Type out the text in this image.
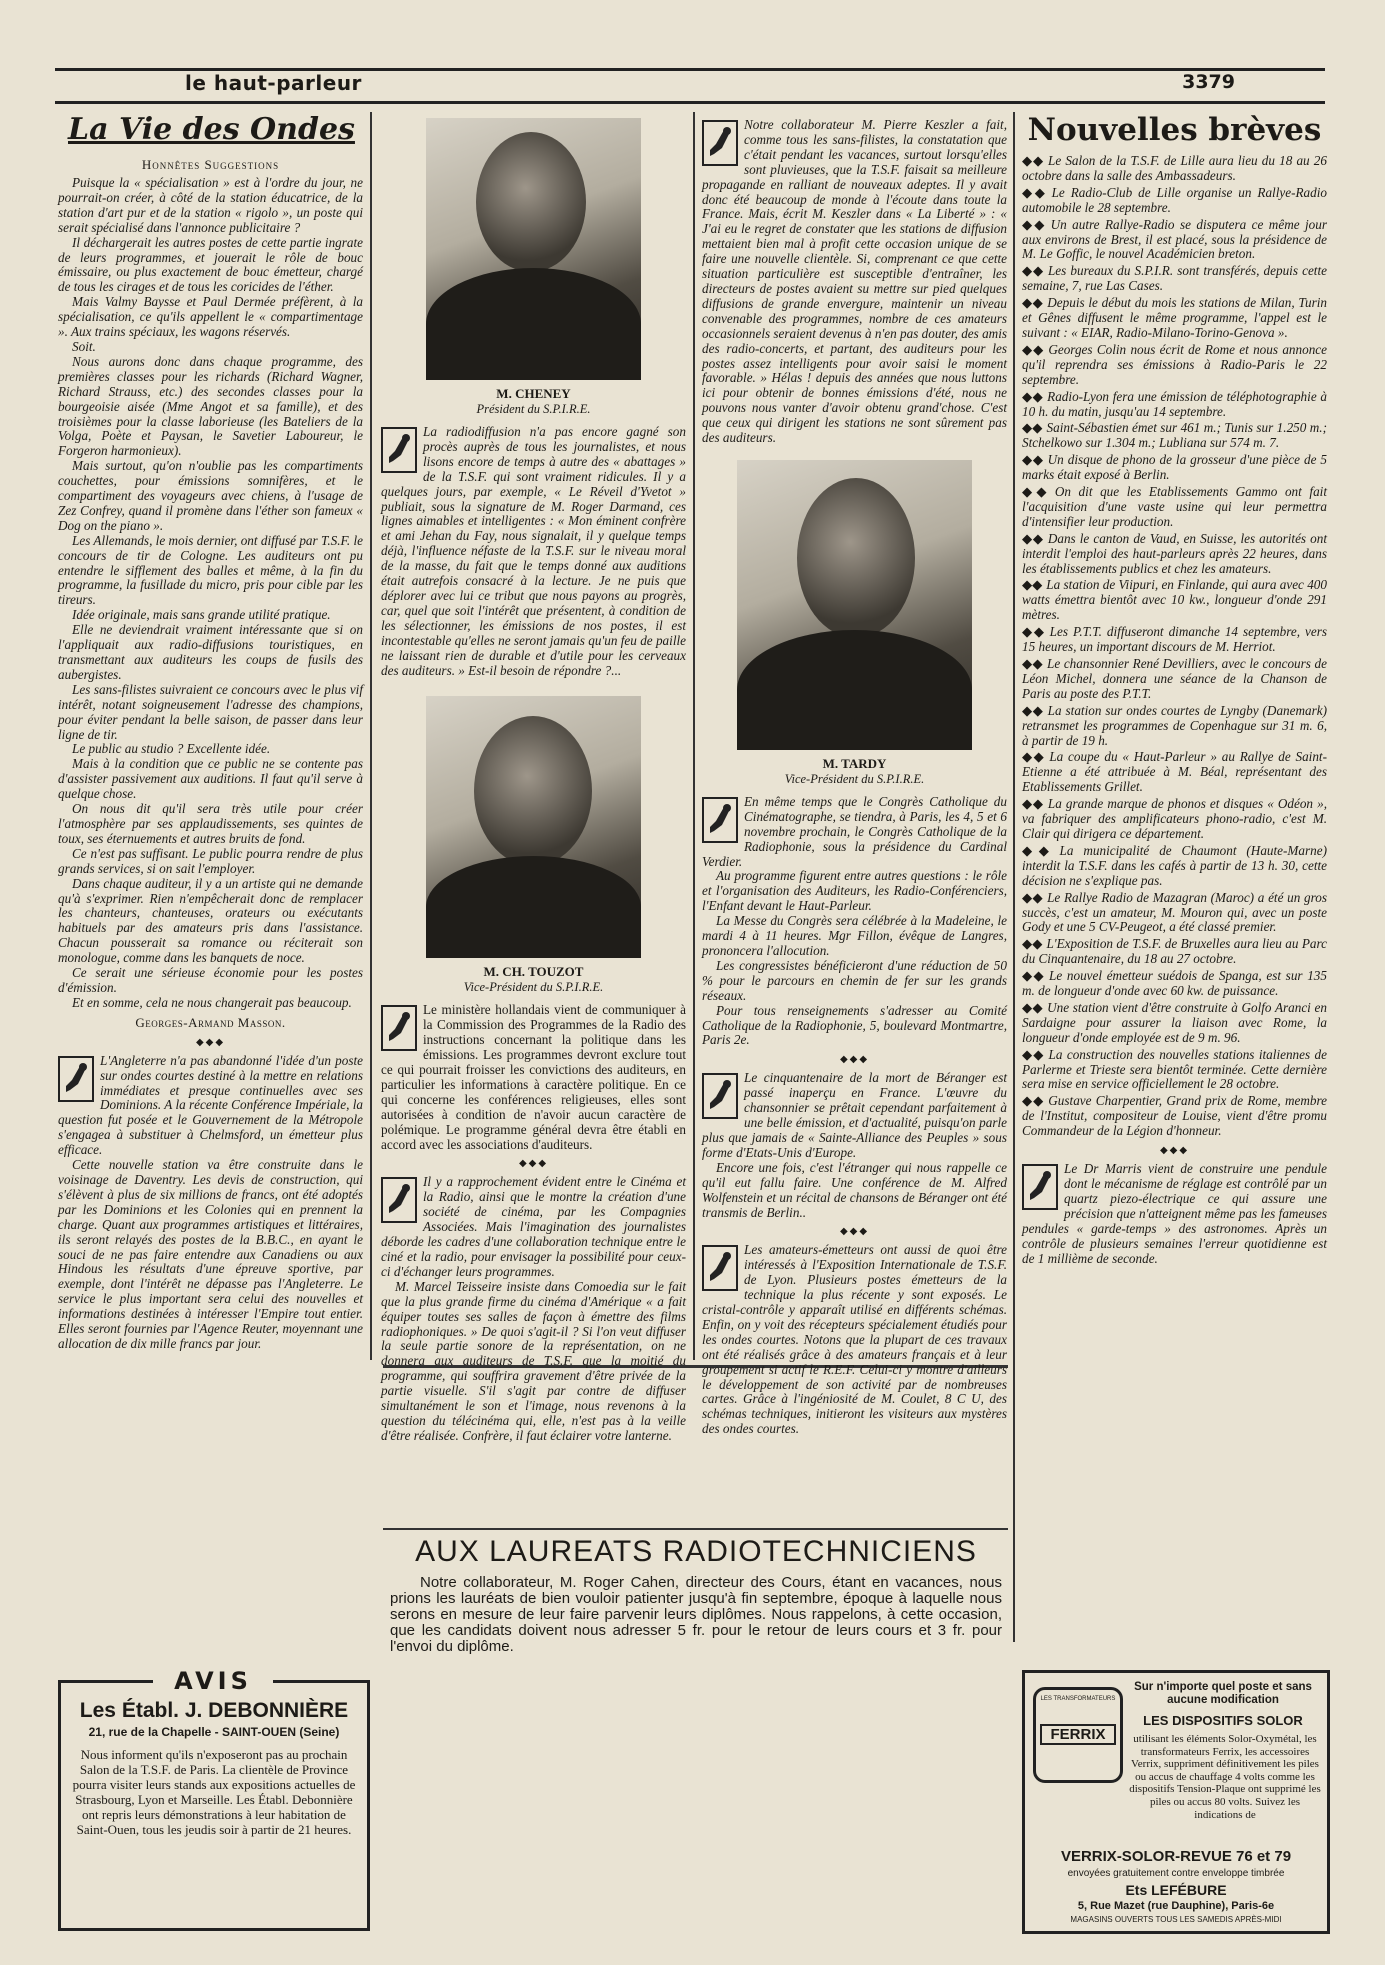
le haut-parleur	3379
La Vie des Ondes
Honnêtes Suggestions

Puisque la « spécialisation » est à l'ordre du jour, ne pourrait-on créer, à côté de la station éducatrice, de la station d'art pur et de la station « rigolo », un poste qui serait spécialisé dans l'annonce publicitaire ?

Il déchargerait les autres postes de cette partie ingrate de leurs programmes, et jouerait le rôle de bouc émissaire, ou plus exactement de bouc émetteur, chargé de tous les cirages et de tous les coricides de l'éther.

Mais Valmy Baysse et Paul Dermée préfèrent, à la spécialisation, ce qu'ils appellent le « compartimentage ». Aux trains spéciaux, les wagons réservés.

Soit.

Nous aurons donc dans chaque programme, des premières classes pour les richards (Richard Wagner, Richard Strauss, etc.) des secondes classes pour la bourgeoisie aisée (Mme Angot et sa famille), et des troisièmes pour la classe laborieuse (les Bateliers de la Volga, Poète et Paysan, le Savetier Laboureur, le Forgeron harmonieux).

Mais surtout, qu'on n'oublie pas les compartiments couchettes, pour émissions somnifères, et le compartiment des voyageurs avec chiens, à l'usage de Zez Confrey, quand il promène dans l'éther son fameux « Dog on the piano ».

Les Allemands, le mois dernier, ont diffusé par T.S.F. le concours de tir de Cologne. Les auditeurs ont pu entendre le sifflement des balles et même, à la fin du programme, la fusillade du micro, pris pour cible par les tireurs.

Idée originale, mais sans grande utilité pratique.

Elle ne deviendrait vraiment intéressante que si on l'appliquait aux radio-diffusions touristiques, en transmettant aux auditeurs les coups de fusils des aubergistes.

Les sans-filistes suivraient ce concours avec le plus vif intérêt, notant soigneusement l'adresse des champions, pour éviter pendant la belle saison, de passer dans leur ligne de tir.

Le public au studio ? Excellente idée.

Mais à la condition que ce public ne se contente pas d'assister passivement aux auditions. Il faut qu'il serve à quelque chose.

On nous dit qu'il sera très utile pour créer l'atmosphère par ses applaudissements, ses quintes de toux, ses éternuements et autres bruits de fond.

Ce n'est pas suffisant. Le public pourra rendre de plus grands services, si on sait l'employer.

Dans chaque auditeur, il y a un artiste qui ne demande qu'à s'exprimer. Rien n'empêcherait donc de remplacer les chanteurs, chanteuses, orateurs ou exécutants habituels par des amateurs pris dans l'assistance. Chacun pousserait sa romance ou réciterait son monologue, comme dans les banquets de noce.

Ce serait une sérieuse économie pour les postes d'émission.

Et en somme, cela ne nous changerait pas beaucoup.

Georges-Armand Masson.
◆◆◆

L'Angleterre n'a pas abandonné l'idée d'un poste sur ondes courtes destiné à la mettre en relations immédiates et presque continuelles avec ses Dominions. A la récente Conférence Impériale, la question fut posée et le Gouvernement de la Métropole s'engagea à substituer à Chelmsford, un émetteur plus efficace.

Cette nouvelle station va être construite dans le voisinage de Daventry. Les devis de construction, qui s'élèvent à plus de six millions de francs, ont été adoptés par les Dominions et les Colonies qui en prennent la charge. Quant aux programmes artistiques et littéraires, ils seront relayés des postes de la B.B.C., en ayant le souci de ne pas faire entendre aux Canadiens ou aux Hindous les résultats d'une épreuve sportive, par exemple, dont l'intérêt ne dépasse pas l'Angleterre. Le service le plus important sera celui des nouvelles et informations destinées à intéresser l'Empire tout entier. Elles seront fournies par l'Agence Reuter, moyennant une allocation de dix mille francs par jour.

AVIS
Les Établ. J. DEBONNIÈRE
21, rue de la Chapelle - SAINT-OUEN (Seine)

Nous informent qu'ils n'exposeront pas au prochain Salon de la T.S.F. de Paris. La clientèle de Province pourra visiter leurs stands aux expositions actuelles de Strasbourg, Lyon et Marseille. Les Établ. Debonnière ont repris leurs démonstrations à leur habitation de Saint-Ouen, tous les jeudis soir à partir de 21 heures.

M. CHENEY
Président du S.P.I.R.E.

La radiodiffusion n'a pas encore gagné son procès auprès de tous les journalistes, et nous lisons encore de temps à autre des « abattages » de la T.S.F. qui sont vraiment ridicules. Il y a quelques jours, par exemple, « Le Réveil d'Yvetot » publiait, sous la signature de M. Roger Darmand, ces lignes aimables et intelligentes : « Mon éminent confrère et ami Jehan du Fay, nous signalait, il y quelque temps déjà, l'influence néfaste de la T.S.F. sur le niveau moral de la masse, du fait que le temps donné aux auditions était autrefois consacré à la lecture. Je ne puis que déplorer avec lui ce tribut que nous payons au progrès, car, quel que soit l'intérêt que présentent, à condition de les sélectionner, les émissions de nos postes, il est incontestable qu'elles ne seront jamais qu'un feu de paille ne laissant rien de durable et d'utile pour les cerveaux des auditeurs. » Est-il besoin de répondre ?...

M. CH. TOUZOT
Vice-Président du S.P.I.R.E.

Le ministère hollandais vient de communiquer à la Commission des Programmes de la Radio des instructions concernant la politique dans les émissions. Les programmes devront exclure tout ce qui pourrait froisser les convictions des auditeurs, en particulier les informations à caractère politique. En ce qui concerne les conférences religieuses, elles sont autorisées à condition de n'avoir aucun caractère de polémique. Le programme général devra être établi en accord avec les associations d'auditeurs.

◆◆◆

Il y a rapprochement évident entre le Cinéma et la Radio, ainsi que le montre la création d'une société de cinéma, par les Compagnies Associées. Mais l'imagination des journalistes déborde les cadres d'une collaboration technique entre le ciné et la radio, pour envisager la possibilité pour ceux-ci d'échanger leurs programmes.

M. Marcel Teisseire insiste dans Comoedia sur le fait que la plus grande firme du cinéma d'Amérique « a fait équiper toutes ses salles de façon à émettre des films radiophoniques. » De quoi s'agit-il ? Si l'on veut diffuser la seule partie sonore de la représentation, on ne donnera aux auditeurs de T.S.F. que la moitié du programme, qui souffrira gravement d'être privée de la partie visuelle. S'il s'agit par contre de diffuser simultanément le son et l'image, nous revenons à la question du télécinéma qui, elle, n'est pas à la veille d'être réalisée. Confrère, il faut éclairer votre lanterne.

Notre collaborateur M. Pierre Keszler a fait, comme tous les sans-filistes, la constatation que c'était pendant les vacances, surtout lorsqu'elles sont pluvieuses, que la T.S.F. faisait sa meilleure propagande en ralliant de nouveaux adeptes. Il y avait donc été beaucoup de monde à l'écoute dans toute la France. Mais, écrit M. Keszler dans « La Liberté » : « J'ai eu le regret de constater que les stations de diffusion mettaient bien mal à profit cette occasion unique de se faire une nouvelle clientèle. Si, comprenant ce que cette situation particulière est susceptible d'entraîner, les directeurs de postes avaient su mettre sur pied quelques diffusions de grande envergure, maintenir un niveau convenable des programmes, nombre de ces amateurs occasionnels seraient devenus à n'en pas douter, des amis des radio-concerts, et partant, des auditeurs pour les postes assez intelligents pour avoir saisi le moment favorable. » Hélas ! depuis des années que nous luttons ici pour obtenir de bonnes émissions d'été, nous ne pouvons nous vanter d'avoir obtenu grand'chose. C'est que ceux qui dirigent les stations ne sont sûrement pas des auditeurs.

M. TARDY
Vice-Président du S.P.I.R.E.

En même temps que le Congrès Catholique du Cinématographe, se tiendra, à Paris, les 4, 5 et 6 novembre prochain, le Congrès Catholique de la Radiophonie, sous la présidence du Cardinal Verdier.

Au programme figurent entre autres questions : le rôle et l'organisation des Auditeurs, les Radio-Conférenciers, l'Enfant devant le Haut-Parleur.

La Messe du Congrès sera célébrée à la Madeleine, le mardi 4 à 11 heures. Mgr Fillon, évêque de Langres, prononcera l'allocution.

Les congressistes bénéficieront d'une réduction de 50 % pour le parcours en chemin de fer sur les grands réseaux.

Pour tous renseignements s'adresser au Comité Catholique de la Radiophonie, 5, boulevard Montmartre, Paris 2e.

◆◆◆

Le cinquantenaire de la mort de Béranger est passé inaperçu en France. L'œuvre du chansonnier se prêtait cependant parfaitement à une belle émission, et d'actualité, puisqu'on parle plus que jamais de « Sainte-Alliance des Peuples » sous forme d'Etats-Unis d'Europe.

Encore une fois, c'est l'étranger qui nous rappelle ce qu'il eut fallu faire. Une conférence de M. Alfred Wolfenstein et un récital de chansons de Béranger ont été transmis de Berlin..

◆◆◆

Les amateurs-émetteurs ont aussi de quoi être intéressés à l'Exposition Internationale de T.S.F. de Lyon. Plusieurs postes émetteurs de la technique la plus récente y sont exposés. Le cristal-contrôle y apparaît utilisé en différents schémas. Enfin, on y voit des récepteurs spécialement étudiés pour les ondes courtes. Notons que la plupart de ces travaux ont été réalisés grâce à des amateurs français et à leur groupement si actif le R.E.F. Celui-ci y montre d'ailleurs le développement de son activité par de nombreuses cartes. Grâce à l'ingéniosité de M. Coulet, 8 C U, des schémas techniques, initieront les visiteurs aux mystères des ondes courtes.

Nouvelles brèves

◆◆ Le Salon de la T.S.F. de Lille aura lieu du 18 au 26 octobre dans la salle des Ambassadeurs.

◆◆ Le Radio-Club de Lille organise un Rallye-Radio automobile le 28 septembre.

◆◆ Un autre Rallye-Radio se disputera ce même jour aux environs de Brest, il est placé, sous la présidence de M. Le Goffic, le nouvel Académicien breton.

◆◆ Les bureaux du S.P.I.R. sont transférés, depuis cette semaine, 7, rue Las Cases.

◆◆ Depuis le début du mois les stations de Milan, Turin et Gênes diffusent le même programme, l'appel est le suivant : « EIAR, Radio-Milano-Torino-Genova ».

◆◆ Georges Colin nous écrit de Rome et nous annonce qu'il reprendra ses émissions à Radio-Paris le 22 septembre.

◆◆ Radio-Lyon fera une émission de téléphotographie à 10 h. du matin, jusqu'au 14 septembre.

◆◆ Saint-Sébastien émet sur 461 m.; Tunis sur 1.250 m.; Stchelkowo sur 1.304 m.; Lubliana sur 574 m. 7.

◆◆ Un disque de phono de la grosseur d'une pièce de 5 marks était exposé à Berlin.

◆◆ On dit que les Etablissements Gammo ont fait l'acquisition d'une vaste usine qui leur permettra d'intensifier leur production.

◆◆ Dans le canton de Vaud, en Suisse, les autorités ont interdit l'emploi des haut-parleurs après 22 heures, dans les établissements publics et chez les amateurs.

◆◆ La station de Viipuri, en Finlande, qui aura avec 400 watts émettra bientôt avec 10 kw., longueur d'onde 291 mètres.

◆◆ Les P.T.T. diffuseront dimanche 14 septembre, vers 15 heures, un important discours de M. Herriot.

◆◆ Le chansonnier René Devilliers, avec le concours de Léon Michel, donnera une séance de la Chanson de Paris au poste des P.T.T.

◆◆ La station sur ondes courtes de Lyngby (Danemark) retransmet les programmes de Copenhague sur 31 m. 6, à partir de 19 h.

◆◆ La coupe du « Haut-Parleur » au Rallye de Saint-Etienne a été attribuée à M. Béal, représentant des Etablissements Grillet.

◆◆ La grande marque de phonos et disques « Odéon », va fabriquer des amplificateurs phono-radio, c'est M. Clair qui dirigera ce département.

◆◆ La municipalité de Chaumont (Haute-Marne) interdit la T.S.F. dans les cafés à partir de 13 h. 30, cette décision ne s'explique pas.

◆◆ Le Rallye Radio de Mazagran (Maroc) a été un gros succès, c'est un amateur, M. Mouron qui, avec un poste Gody et une 5 CV-Peugeot, a été classé premier.

◆◆ L'Exposition de T.S.F. de Bruxelles aura lieu au Parc du Cinquantenaire, du 18 au 27 octobre.

◆◆ Le nouvel émetteur suédois de Spanga, est sur 135 m. de longueur d'onde avec 60 kw. de puissance.

◆◆ Une station vient d'être construite à Golfo Aranci en Sardaigne pour assurer la liaison avec Rome, la longueur d'onde employée est de 9 m. 96.

◆◆ La construction des nouvelles stations italiennes de Parlerme et Trieste sera bientôt terminée. Cette dernière sera mise en service officiellement le 28 octobre.

◆◆ Gustave Charpentier, Grand prix de Rome, membre de l'Institut, compositeur de Louise, vient d'être promu Commandeur de la Légion d'honneur.

◆◆◆

Le Dr Marris vient de construire une pendule dont le mécanisme de réglage est contrôlé par un quartz piezo-électrique ce qui assure une précision que n'atteignent même pas les fameuses pendules « garde-temps » des astronomes. Après un contrôle de plusieurs semaines l'erreur quotidienne est de 1 millième de seconde.

LES TRANSFORMATEURS
FERRIX
Sur n'importe quel poste et sans aucune modification
LES DISPOSITIFS SOLOR
utilisant les éléments Solor-Oxymétal, les transformateurs Ferrix, les accessoires Verrix, suppriment définitivement les piles ou accus de chauffage 4 volts comme les dispositifs Tension-Plaque ont supprimé les piles ou accus 80 volts. Suivez les indications de
VERRIX-SOLOR-REVUE 76 et 79
envoyées gratuitement contre enveloppe timbrée
Ets LEFÉBURE
5, Rue Mazet (rue Dauphine), Paris-6e
MAGASINS OUVERTS TOUS LES SAMEDIS APRÈS-MIDI
AUX LAUREATS RADIOTECHNICIENS

Notre collaborateur, M. Roger Cahen, directeur des Cours, étant en vacances, nous prions les lauréats de bien vouloir patienter jusqu'à fin septembre, époque à laquelle nous serons en mesure de leur faire parvenir leurs diplômes. Nous rappelons, à cette occasion, que les candidats doivent nous adresser 5 fr. pour le retour de leurs cours et 3 fr. pour l'envoi du diplôme.
